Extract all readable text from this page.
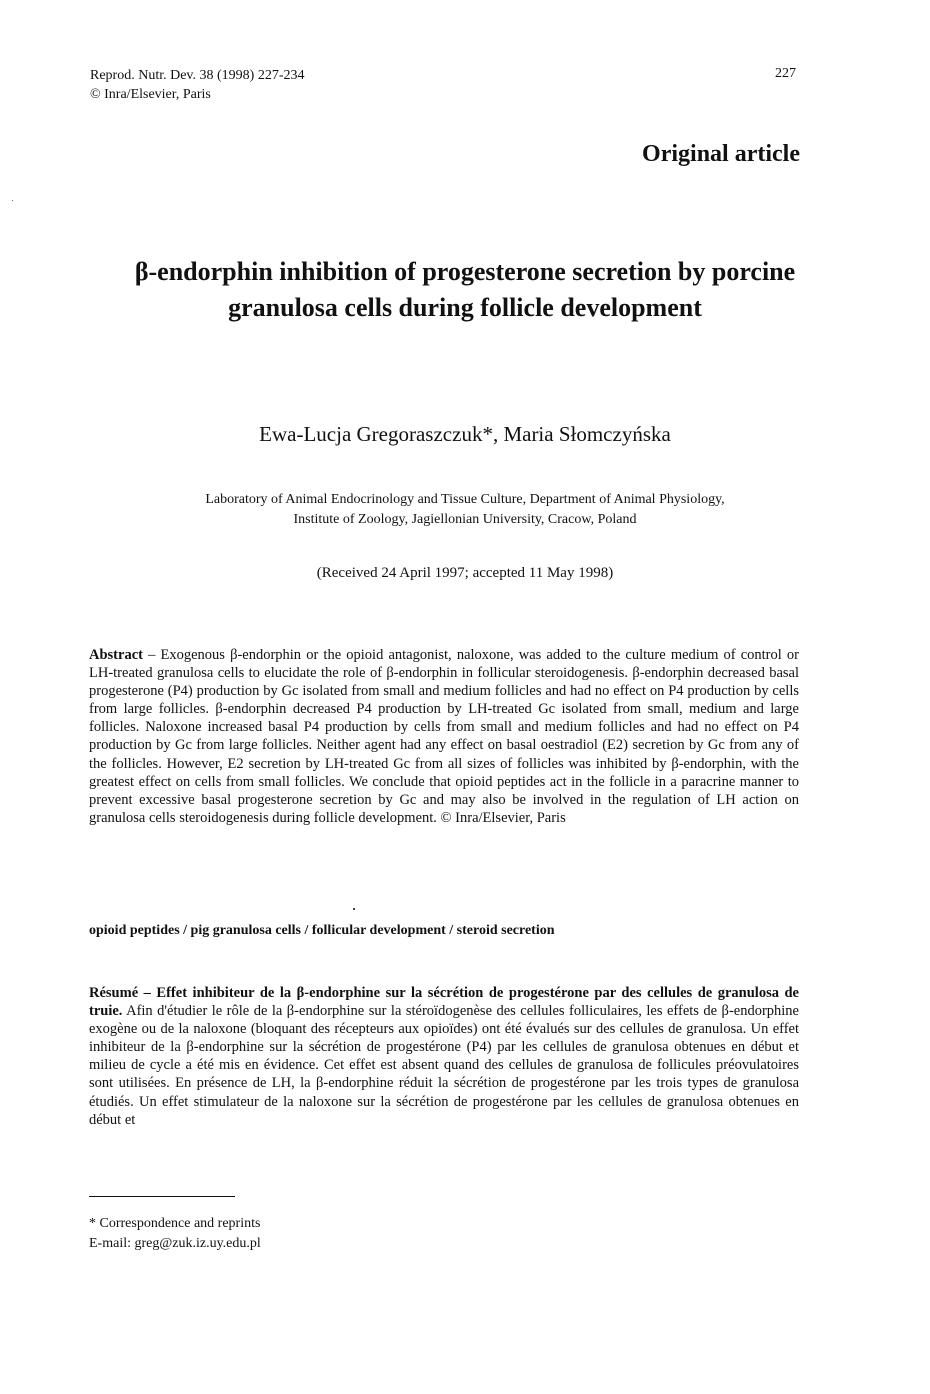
Reprod. Nutr. Dev. 38 (1998) 227-234
© Inra/Elsevier, Paris
227
Original article
β-endorphin inhibition of progesterone secretion by porcine granulosa cells during follicle development
Ewa-Lucja Gregoraszczuk*, Maria Słomczyńska
Laboratory of Animal Endocrinology and Tissue Culture, Department of Animal Physiology,
Institute of Zoology, Jagiellonian University, Cracow, Poland
(Received 24 April 1997; accepted 11 May 1998)
Abstract – Exogenous β-endorphin or the opioid antagonist, naloxone, was added to the culture medium of control or LH-treated granulosa cells to elucidate the role of β-endorphin in follicular steroidogenesis. β-endorphin decreased basal progesterone (P4) production by Gc isolated from small and medium follicles and had no effect on P4 production by cells from large follicles. β-endorphin decreased P4 production by LH-treated Gc isolated from small, medium and large follicles. Naloxone increased basal P4 production by cells from small and medium follicles and had no effect on P4 production by Gc from large follicles. Neither agent had any effect on basal oestradiol (E2) secretion by Gc from any of the follicles. However, E2 secretion by LH-treated Gc from all sizes of follicles was inhibited by β-endorphin, with the greatest effect on cells from small follicles. We conclude that opioid peptides act in the follicle in a paracrine manner to prevent excessive basal progesterone secretion by Gc and may also be involved in the regulation of LH action on granulosa cells steroidogenesis during follicle development. © Inra/Elsevier, Paris
opioid peptides / pig granulosa cells / follicular development / steroid secretion
Résumé – Effet inhibiteur de la β-endorphine sur la sécrétion de progestérone par des cellules de granulosa de truie. Afin d'étudier le rôle de la β-endorphine sur la stéroïdogenèse des cellules folliculaires, les effets de β-endorphine exogène ou de la naloxone (bloquant des récepteurs aux opioïdes) ont été évalués sur des cellules de granulosa. Un effet inhibiteur de la β-endorphine sur la sécrétion de progestérone (P4) par les cellules de granulosa obtenues en début et milieu de cycle a été mis en évidence. Cet effet est absent quand des cellules de granulosa de follicules préovulatoires sont utilisées. En présence de LH, la β-endorphine réduit la sécrétion de progestérone par les trois types de granulosa étudiés. Un effet stimulateur de la naloxone sur la sécrétion de progestérone par les cellules de granulosa obtenues en début et
* Correspondence and reprints
E-mail: greg@zuk.iz.uy.edu.pl
